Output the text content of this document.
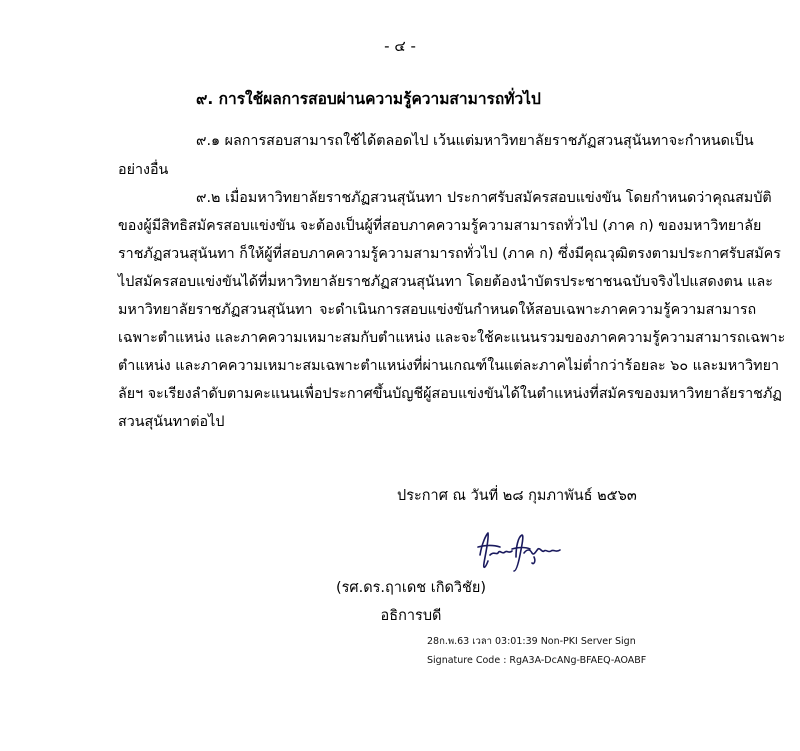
- ๔ -
๙. การใช้ผลการสอบผ่านความรู้ความสามารถทั่วไป
๙.๑ ผลการสอบสามารถใช้ได้ตลอดไป เว้นแต่มหาวิทยาลัยราชภัฏสวนสุนันทาจะกำหนดเป็น
อย่างอื่น
๙.๒ เมื่อมหาวิทยาลัยราชภัฏสวนสุนันทา ประกาศรับสมัครสอบแข่งขัน โดยกำหนดว่าคุณสมบัติ
ของผู้มีสิทธิสมัครสอบแข่งขัน จะต้องเป็นผู้ที่สอบภาคความรู้ความสามารถทั่วไป (ภาค ก) ของมหาวิทยาลัย
ราชภัฏสวนสุนันทา ก็ให้ผู้ที่สอบภาคความรู้ความสามารถทั่วไป (ภาค ก) ซึ่งมีคุณวุฒิตรงตามประกาศรับสมัคร
ไปสมัครสอบแข่งขันได้ที่มหาวิทยาลัยราชภัฏสวนสุนันทา โดยต้องนำบัตรประชาชนฉบับจริงไปแสดงตน และ
มหาวิทยาลัยราชภัฏสวนสุนันทา จะดำเนินการสอบแข่งขันกำหนดให้สอบเฉพาะภาคความรู้ความสามารถ
เฉพาะตำแหน่ง และภาคความเหมาะสมกับตำแหน่ง และจะใช้คะแนนรวมของภาคความรู้ความสามารถเฉพาะ
ตำแหน่ง และภาคความเหมาะสมเฉพาะตำแหน่งที่ผ่านเกณฑ์ในแต่ละภาคไม่ต่ำกว่าร้อยละ ๖๐ และมหาวิทยา
ลัยฯ จะเรียงลำดับตามคะแนนเพื่อประกาศขึ้นบัญชีผู้สอบแข่งขันได้ในตำแหน่งที่สมัครของมหาวิทยาลัยราชภัฏ
สวนสุนันทาต่อไป
ประกาศ ณ วันที่ ๒๘ กุมภาพันธ์ ๒๕๖๓
(รศ.ดร.ฤาเดช เกิดวิชัย)
อธิการบดี
28ก.พ.63 เวลา 03:01:39 Non-PKI Server Sign
Signature Code : RgA3A-DcANg-BFAEQ-AOABF
